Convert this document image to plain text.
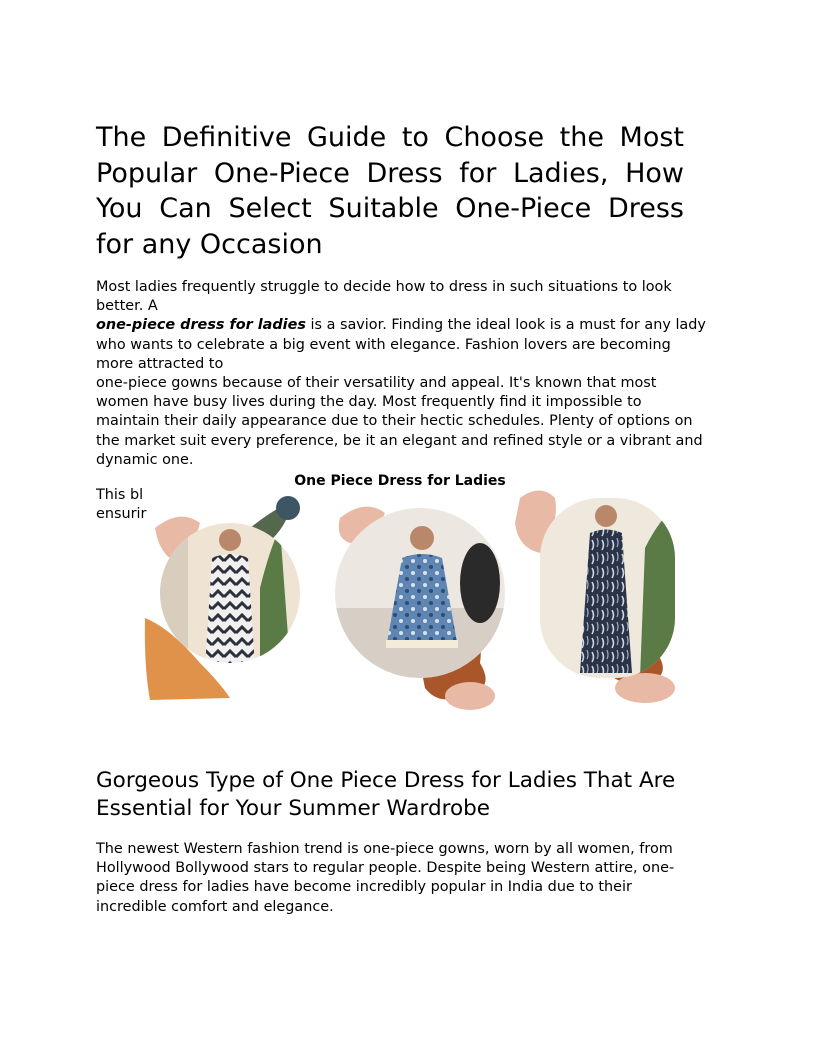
The Definitive Guide to Choose the Most
Popular One-Piece Dress for Ladies, How
You Can Select Suitable One-Piece Dress
for any Occasion
Most ladies frequently struggle to decide how to dress in such situations to look
better. A
one-piece dress for ladies is a savior. Finding the ideal look is a must for any lady
who wants to celebrate a big event with elegance. Fashion lovers are becoming
more attracted to
one-piece gowns because of their versatility and appeal. It's known that most
women have busy lives during the day. Most frequently find it impossible to
maintain their daily appearance due to their hectic schedules. Plenty of options on
the market suit every preference, be it an elegant and refined style or a vibrant and
dynamic one.
This bl
ensurir
One Piece Dress for Ladies
Gorgeous Type of One Piece Dress for Ladies That Are
Essential for Your Summer Wardrobe
The newest Western fashion trend is one-piece gowns, worn by all women, from
Hollywood Bollywood stars to regular people. Despite being Western attire, one-
piece dress for ladies have become incredibly popular in India due to their
incredible comfort and elegance.
